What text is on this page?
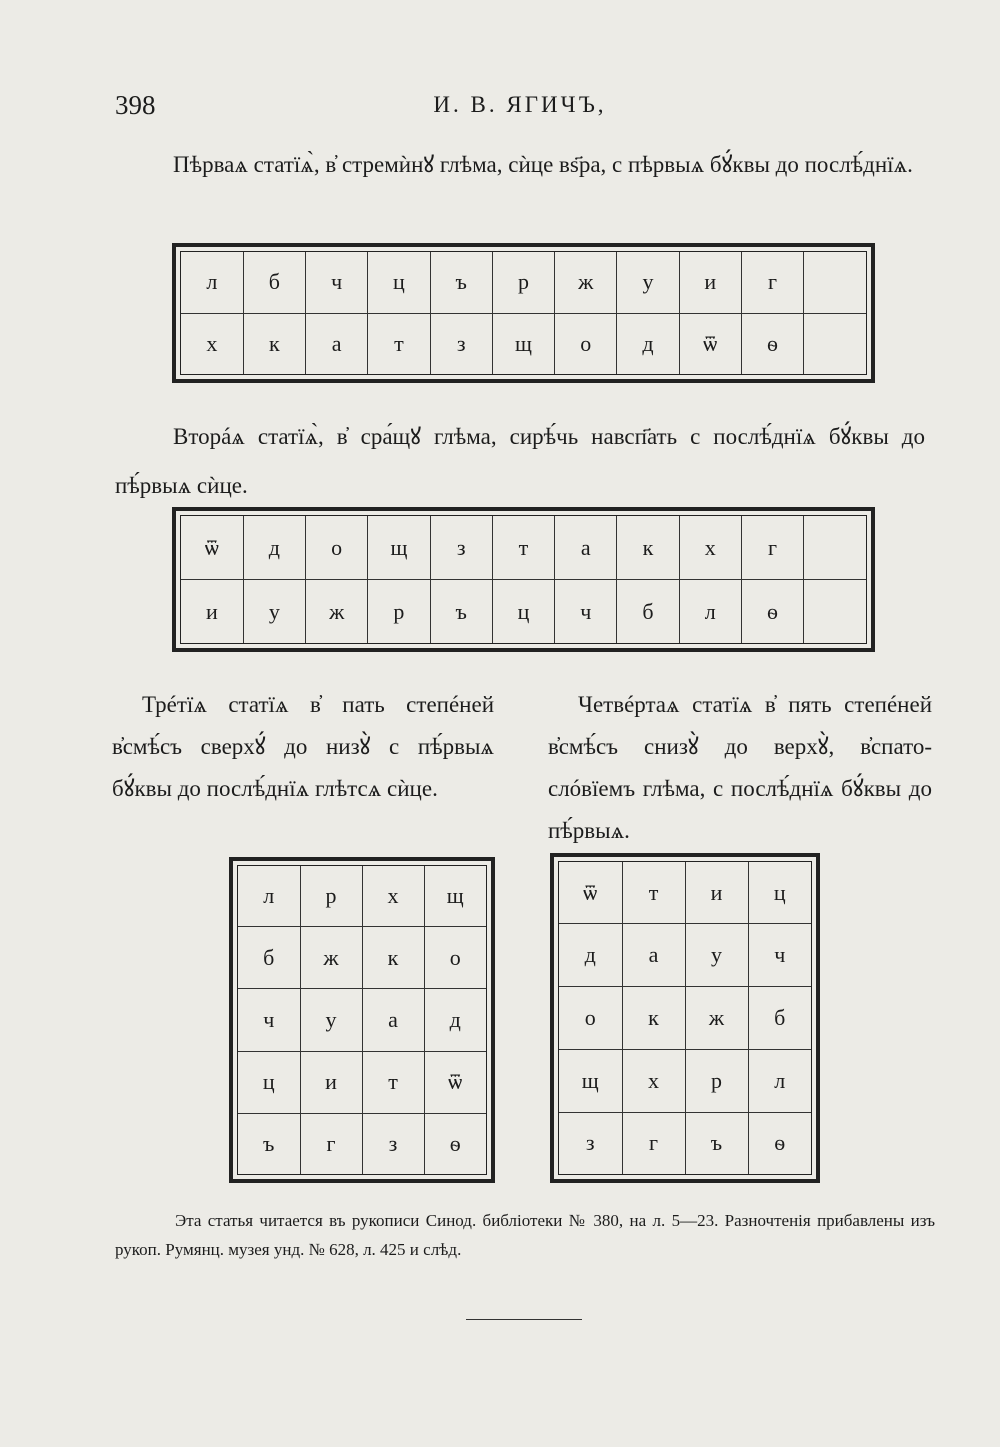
398	И. В. ЯГИЧЪ,

Пѣрваѧ статїѧ̀, в̓ стремѝнꙋ глѣма, сѝце вѕ҃ра, с пѣрвыѧ бꙋ́квы до послѣ́днїѧ.

л	б	ч	ц	ъ	р	ж	у	и	г	
х	к	а	т	з	щ	о	д	ѿ	ѳ	

Вторáѧ статїѧ̀, в̓ сра́щꙋ глѣма, сирѣ́чь навсп҃ать с послѣ́днїѧ бꙋ́квы до пѣ́рвыѧ сѝце.

ѿ	д	о	щ	з	т	а	к	х	г	
и	у	ж	р	ъ	ц	ч	б	л	ѳ	

Трéтїѧ статїѧ в̓ пать степéней в̓смѣ́съ сверхꙋ́ до низꙋ̀ с пѣ́рвыѧ бꙋ́квы до послѣ́днїѧ глѣтсѧ сѝце.

Четвéртаѧ статїѧ в̓ пять степéней в̓смѣ́съ снизꙋ̀ до верхꙋ̀, в̓спато-слóвїемъ глѣма, с послѣ́днїѧ бꙋ́квы до пѣ́рвыѧ.

л	р	х	щ
б	ж	к	о
ч	у	а	д
ц	и	т	ѿ
ъ	г	з	ѳ
ѿ	т	и	ц
д	а	у	ч
о	к	ж	б
щ	х	р	л
з	г	ъ	ѳ

Эта статья читается въ рукописи Синод. библіотеки № 380, на л. 5—23. Разночтенія прибавлены изъ рукоп. Румянц. музея унд. № 628, л. 425 и слѣд.
